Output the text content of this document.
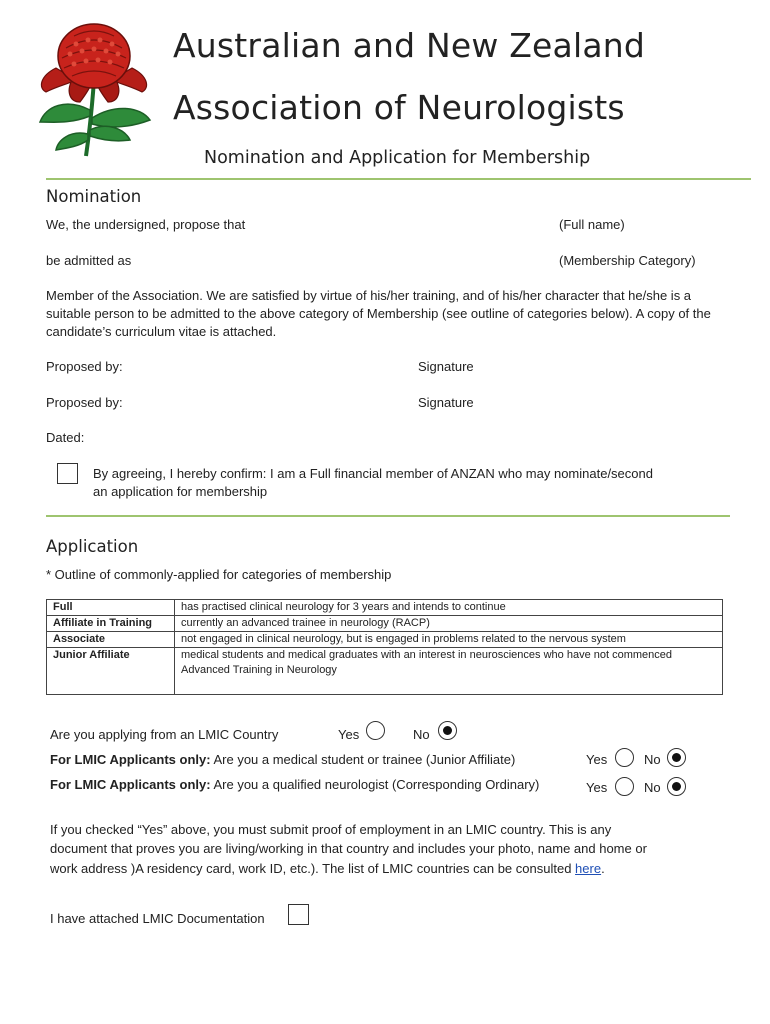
Australian and New Zealand
Association of Neurologists
Nomination and Application for Membership
Nomination
We, the undersigned, propose that	(Full name)
be admitted as	(Membership Category)
Member of the Association. We are satisfied by virtue of his/her training, and of his/her character that he/she is a suitable person to be admitted to the above category of Membership (see outline of categories below). A copy of the candidate’s curriculum vitae is attached.
Proposed by:	Signature
Proposed by:	Signature
Dated:
By agreeing, I hereby confirm: I am a Full financial member of ANZAN who may nominate/second
an application for membership
Application
* Outline of commonly-applied for categories of membership
Full	has practised clinical neurology for 3 years and intends to continue
Affiliate in Training	currently an advanced trainee in neurology (RACP)
Associate	not engaged in clinical neurology, but is engaged in problems related to the nervous system
Junior Affiliate	medical students and medical graduates with an interest in neurosciences who have not commenced Advanced Training in Neurology
Are you applying from an LMIC Country	Yes	No
For LMIC Applicants only: Are you a medical student or trainee (Junior Affiliate)	Yes	No
For LMIC Applicants only: Are you a qualified neurologist (Corresponding Ordinary)	Yes	No
If you checked “Yes” above, you must submit proof of employment in an LMIC country. This is any
document that proves you are living/working in that country and includes your photo, name and home or
work address )A residency card, work ID, etc.). The list of LMIC countries can be consulted here.
I have attached LMIC Documentation
